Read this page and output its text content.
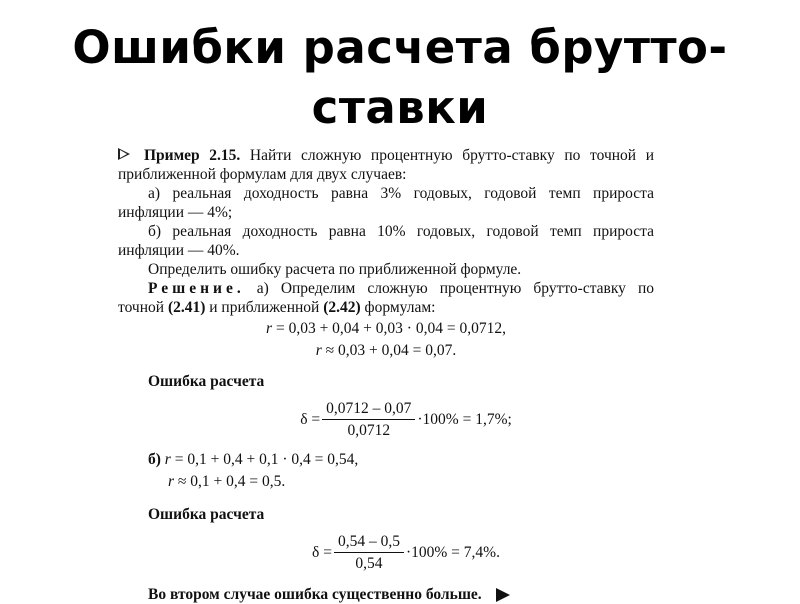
Ошибки расчета брутто-
ставки

Пример 2.15. Найти сложную процентную брутто-ставку по точной и приближенной формулам для двух случаев:

а) реальная доходность равна 3% годовых, годовой темп прироста инфляции — 4%;

б) реальная доходность равна 10% годовых, годовой темп прироста инфляции — 40%.

Определить ошибку расчета по приближенной формуле.

Решение. а) Определим сложную процентную брутто-ставку по точной (2.41) и приближенной (2.42) формулам:

r = 0,03 + 0,04 + 0,03 · 0,04 = 0,0712,

r ≈ 0,03 + 0,04 = 0,07.

Ошибка расчета

$\delta = \frac{0,0712 - 0,07}{0,0712} \cdot 100\% = 1,7\%$;

б) r = 0,1 + 0,4 + 0,1 · 0,4 = 0,54,

r ≈ 0,1 + 0,4 = 0,5.

Ошибка расчета

$\delta = \frac{0,54 - 0,5}{0,54} \cdot 100\% = 7,4\%$.

Во втором случае ошибка существенно больше.
